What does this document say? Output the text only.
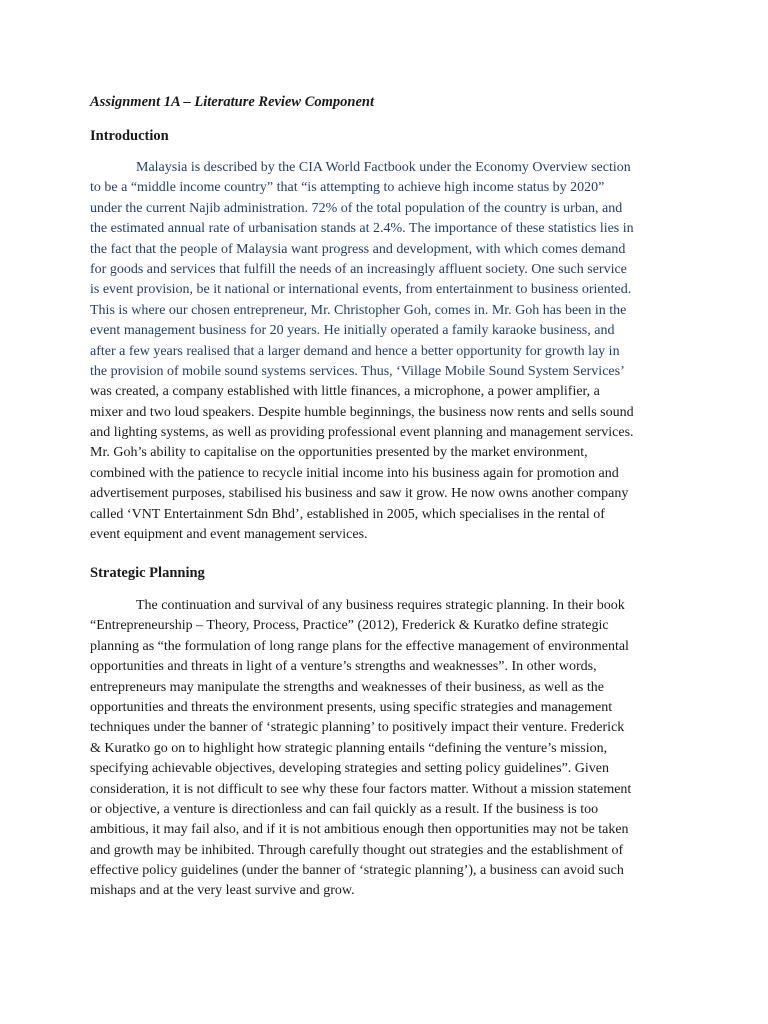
Assignment 1A – Literature Review Component

Introduction

Malaysia is described by the CIA World Factbook under the Economy Overview section
to be a “middle income country” that “is attempting to achieve high income status by 2020”
under the current Najib administration. 72% of the total population of the country is urban, and
the estimated annual rate of urbanisation stands at 2.4%. The importance of these statistics lies in
the fact that the people of Malaysia want progress and development, with which comes demand
for goods and services that fulfill the needs of an increasingly affluent society. One such service
is event provision, be it national or international events, from entertainment to business oriented.
This is where our chosen entrepreneur, Mr. Christopher Goh, comes in. Mr. Goh has been in the
event management business for 20 years. He initially operated a family karaoke business, and
after a few years realised that a larger demand and hence a better opportunity for growth lay in
the provision of mobile sound systems services. Thus, ‘Village Mobile Sound System Services’
was created, a company established with little finances, a microphone, a power amplifier, a
mixer and two loud speakers. Despite humble beginnings, the business now rents and sells sound
and lighting systems, as well as providing professional event planning and management services.
Mr. Goh’s ability to capitalise on the opportunities presented by the market environment,
combined with the patience to recycle initial income into his business again for promotion and
advertisement purposes, stabilised his business and saw it grow. He now owns another company
called ‘VNT Entertainment Sdn Bhd’, established in 2005, which specialises in the rental of
event equipment and event management services.

Strategic Planning

The continuation and survival of any business requires strategic planning. In their book
“Entrepreneurship – Theory, Process, Practice” (2012), Frederick & Kuratko define strategic
planning as “the formulation of long range plans for the effective management of environmental
opportunities and threats in light of a venture’s strengths and weaknesses”. In other words,
entrepreneurs may manipulate the strengths and weaknesses of their business, as well as the
opportunities and threats the environment presents, using specific strategies and management
techniques under the banner of ‘strategic planning’ to positively impact their venture. Frederick
& Kuratko go on to highlight how strategic planning entails “defining the venture’s mission,
specifying achievable objectives, developing strategies and setting policy guidelines”. Given
consideration, it is not difficult to see why these four factors matter. Without a mission statement
or objective, a venture is directionless and can fail quickly as a result. If the business is too
ambitious, it may fail also, and if it is not ambitious enough then opportunities may not be taken
and growth may be inhibited. Through carefully thought out strategies and the establishment of
effective policy guidelines (under the banner of ‘strategic planning’), a business can avoid such
mishaps and at the very least survive and grow.
